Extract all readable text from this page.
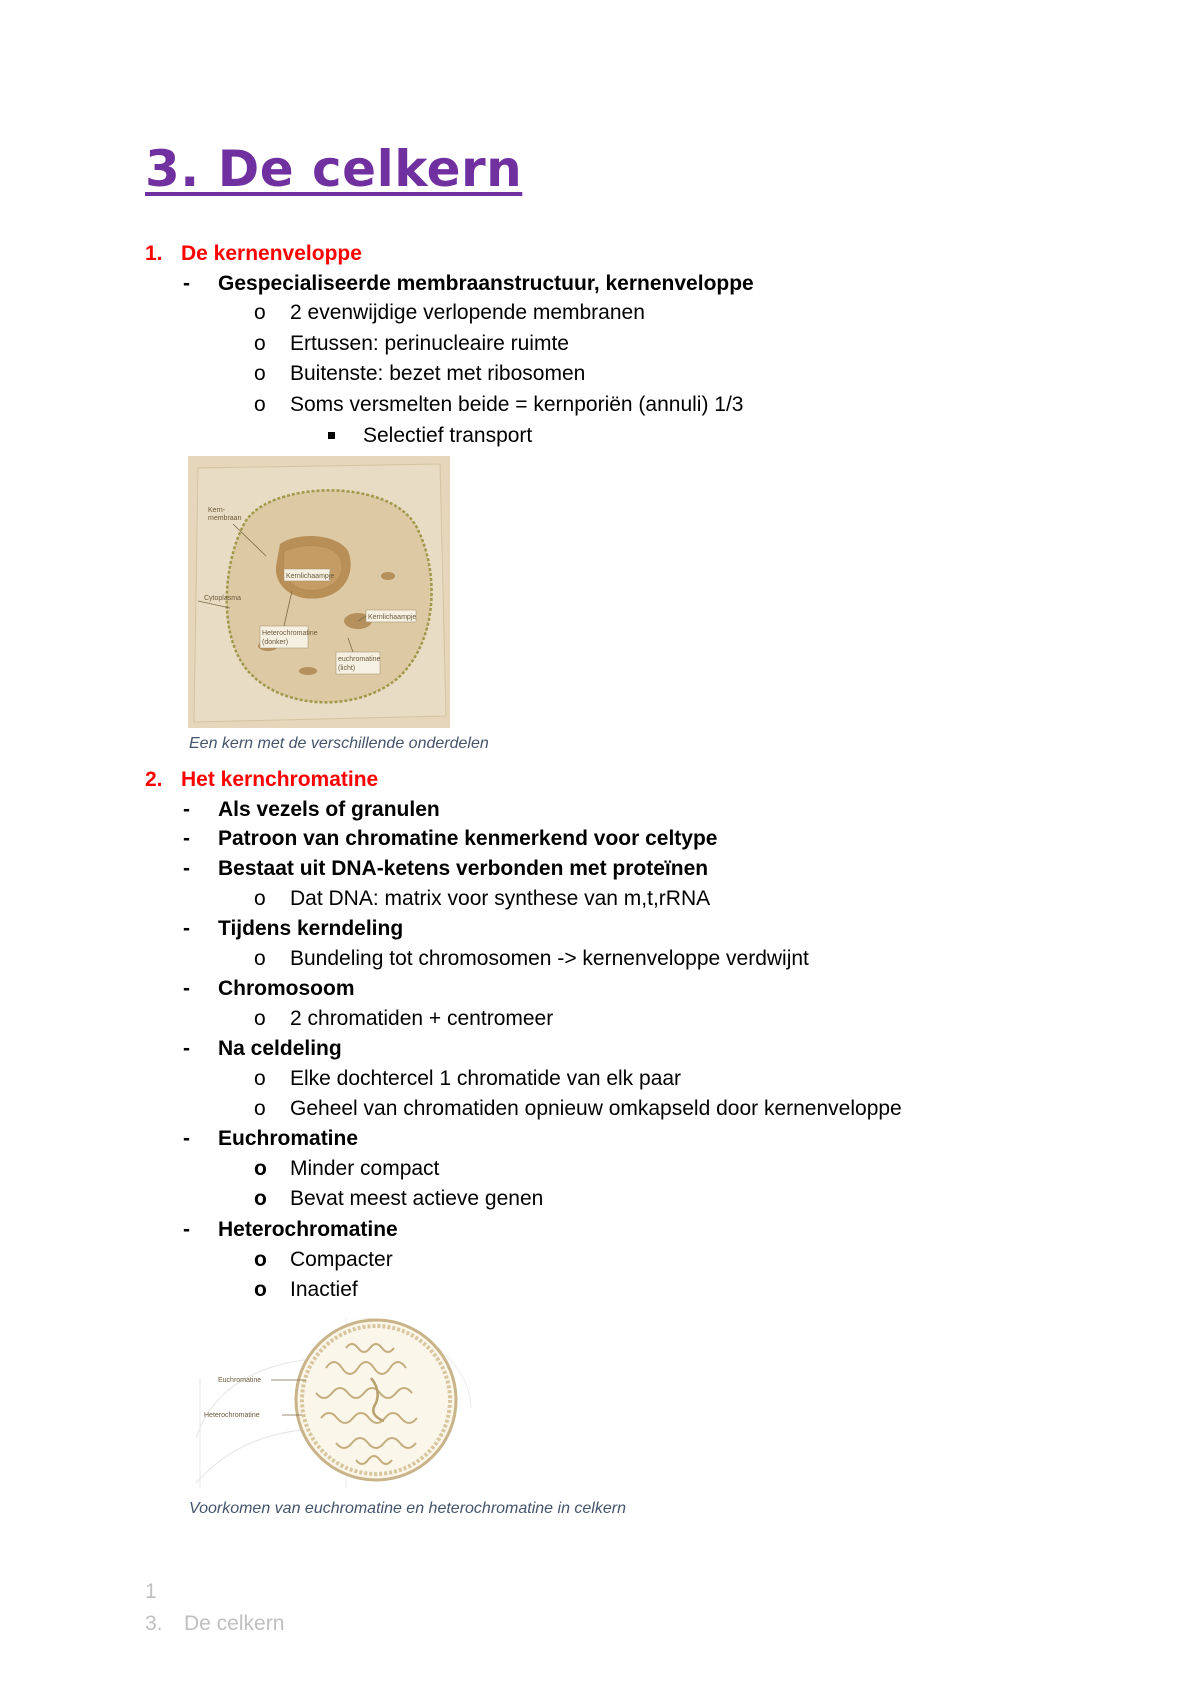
3. De celkern
1. De kernenveloppe
- Gespecialiseerde membraanstructuur, kernenveloppe
o 2 evenwijdige verlopende membranen
o Ertussen: perinucleaire ruimte
o Buitenste: bezet met ribosomen
o Soms versmelten beide = kernporiën (annuli) 1/3
Selectief transport
Kern-
membraan
Kernlichaampje
Cytoplasma
Kernlichaampje
Heterochromatine
(donker)
euchromatine
(licht)
Een kern met de verschillende onderdelen
2. Het kernchromatine
- Als vezels of granulen
- Patroon van chromatine kenmerkend voor celtype
- Bestaat uit DNA-ketens verbonden met proteïnen
o Dat DNA: matrix voor synthese van m,t,rRNA
- Tijdens kerndeling
o Bundeling tot chromosomen -> kernenveloppe verdwijnt
- Chromosoom
o 2 chromatiden + centromeer
- Na celdeling
o Elke dochtercel 1 chromatide van elk paar
o Geheel van chromatiden opnieuw omkapseld door kernenveloppe
- Euchromatine
o Minder compact
o Bevat meest actieve genen
- Heterochromatine
o Compacter
o Inactief
Euchromatine
Heterochromatine
Voorkomen van euchromatine en heterochromatine in celkern
1
3. De celkern
